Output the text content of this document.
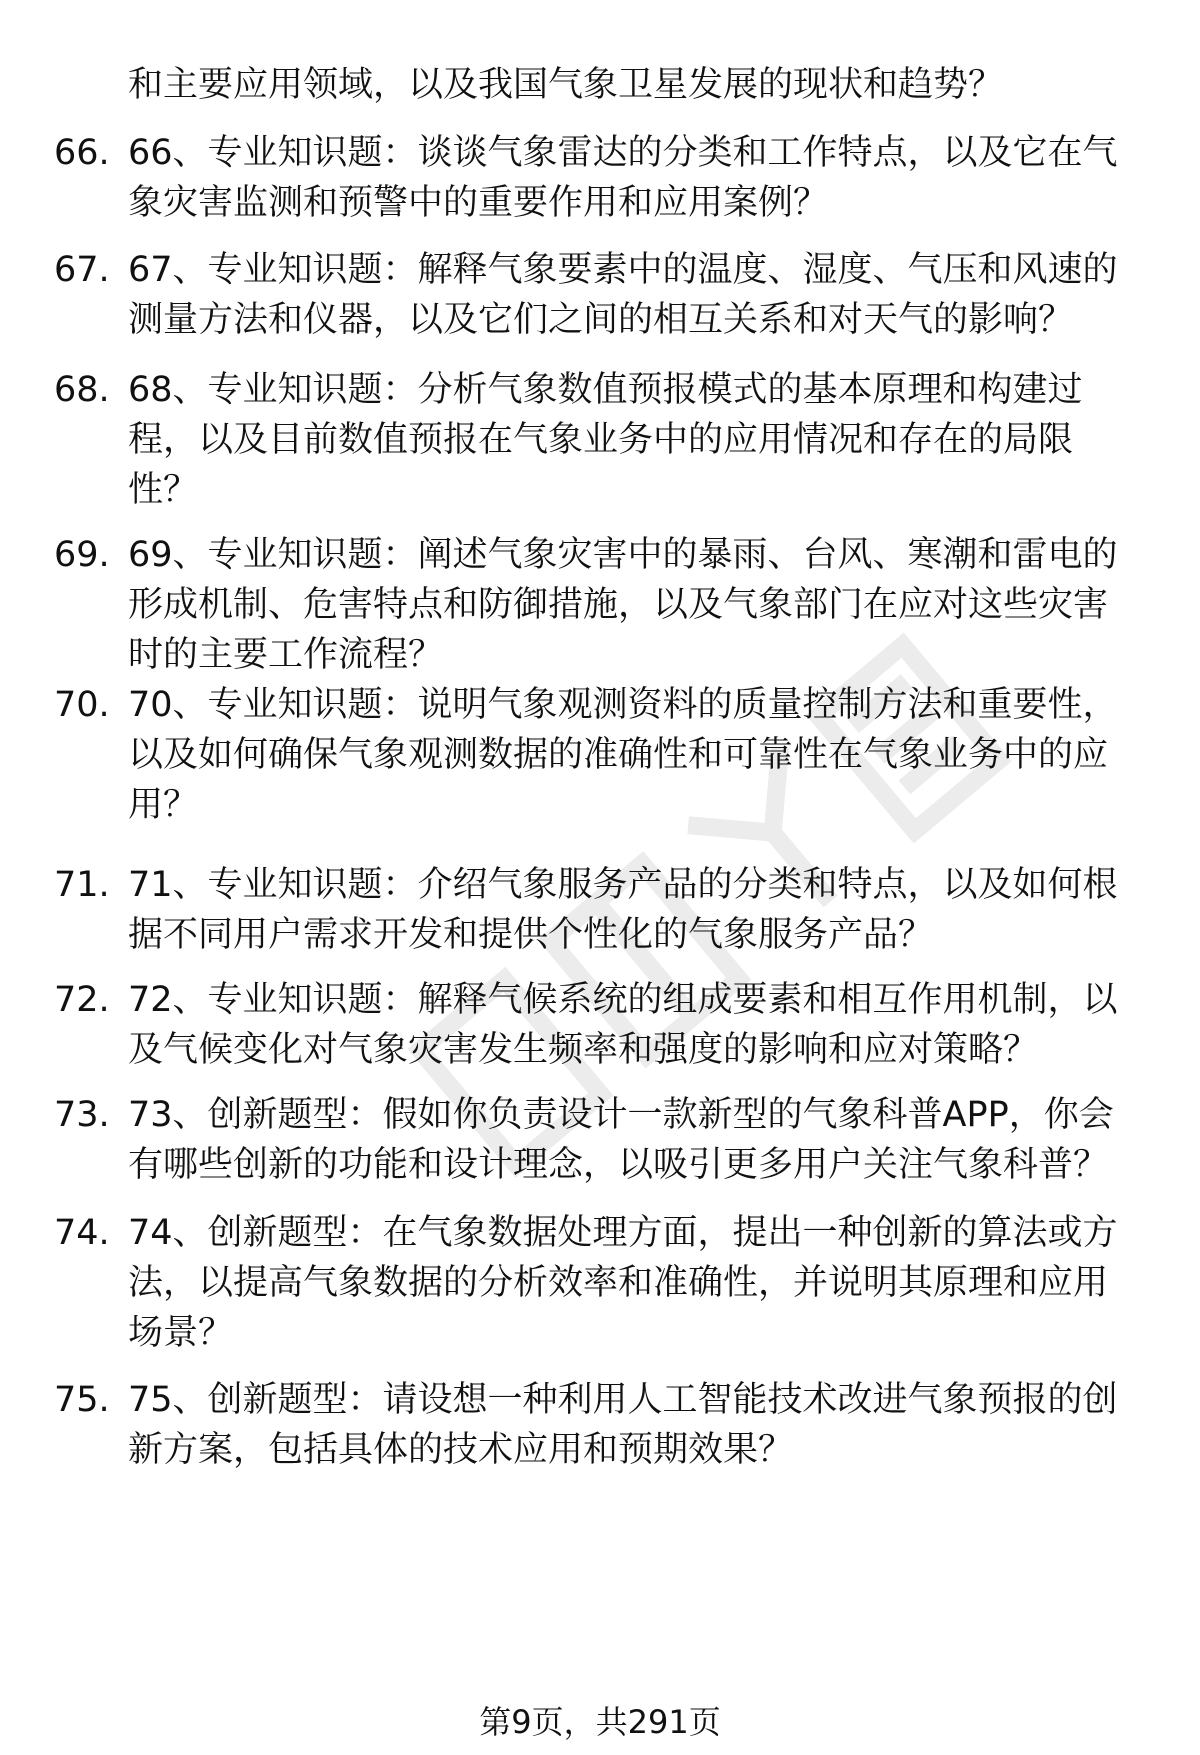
和主要应用领域，以及我国气象卫星发展的现状和趋势？
66. 66、专业知识题：谈谈气象雷达的分类和工作特点，以及它在气
象灾害监测和预警中的重要作用和应用案例？
67. 67、专业知识题：解释气象要素中的温度、湿度、气压和风速的
测量方法和仪器，以及它们之间的相互关系和对天气的影响？
68. 68、专业知识题：分析气象数值预报模式的基本原理和构建过
程，以及目前数值预报在气象业务中的应用情况和存在的局限
性？
69. 69、专业知识题：阐述气象灾害中的暴雨、台风、寒潮和雷电的
形成机制、危害特点和防御措施，以及气象部门在应对这些灾害
时的主要工作流程？
70. 70、专业知识题：说明气象观测资料的质量控制方法和重要性，
以及如何确保气象观测数据的准确性和可靠性在气象业务中的应
用？
71. 71、专业知识题：介绍气象服务产品的分类和特点，以及如何根
据不同用户需求开发和提供个性化的气象服务产品？
72. 72、专业知识题：解释气候系统的组成要素和相互作用机制，以
及气候变化对气象灾害发生频率和强度的影响和应对策略？
73. 73、创新题型：假如你负责设计一款新型的气象科普APP，你会
有哪些创新的功能和设计理念，以吸引更多用户关注气象科普？
74. 74、创新题型：在气象数据处理方面，提出一种创新的算法或方
法，以提高气象数据的分析效率和准确性，并说明其原理和应用
场景？
75. 75、创新题型：请设想一种利用人工智能技术改进气象预报的创
新方案，包括具体的技术应用和预期效果？
第9页，共291页
